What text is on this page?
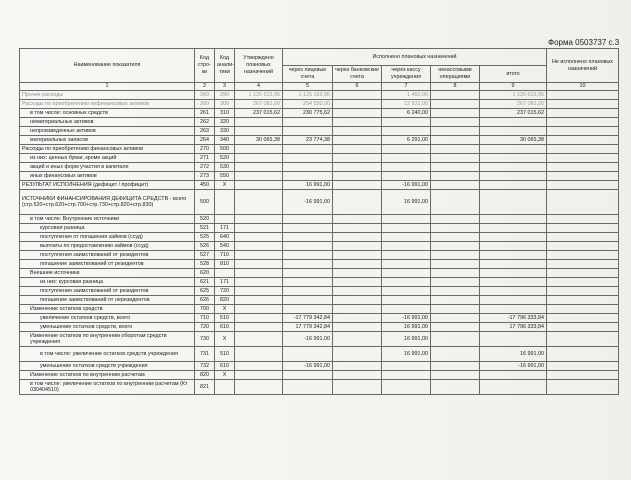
Форма 0503737 с.3
Наименование показателя	Код стро-ки	Код анали-тики	Утверждено плановых назначений	Исполнено плановых назначений					Не исполнено плановых назначений
				через лицевые счета	через банковские счета	через кассу учреждения	некассовыми операциями	итого	
1	2	3	4	5	6	7	8	9	10
Прочие расходы	260	290	1 126 623,95	1 125 163,95		1 460,00		1 126 623,95	
Расходы по приобретению нефинансовых активов	260	300	267 081,00	254 550,00		12 531,00		267 081,00	
в том числе: основных средств	261	310	237 015,62	230 775,62		6 240,00		237 015,62	
нематериальных активов	262	320							
непроизведенных активов	263	330							
материальных запасов	264	340	30 065,38	23 774,38		6 291,00		30 065,38	
Расходы по приобретению финансовых активов	270	500							
из них: ценных бумаг, кроме акций	271	520							
акций и иных форм участия в капитале	272	530							
иных финансовых активов	273	550							
РЕЗУЛЬТАТ ИСПОЛНЕНИЯ (дефицит / профицит)	450	X		16 991,00		-16 991,00			
ИСТОЧНИКИ ФИНАНСИРОВАНИЯ ДЕФИЦИТА СРЕДСТВ - всего (стр.520+стр.620+стр.700+стр.730+стр.820+стр.830)	500			-16 991,00		16 991,00			
в том числе: Внутренние источники	520								
курсовая разница	521	171							
поступления от погашения займов (ссуд)	525	640							
выплаты по предоставлению займов (ссуд)	526	540							
поступления заимствований от резидентов	527	710							
погашение заимствований от резидентов	528	810							
Внешние источники	620								
из них: курсовая разница	621	171							
поступления заимствований от резидентов	625	720							
погашение заимствований от нерезидентов	626	820							
Изменение остатков средств	700	X							
увеличение остатков средств, всего	710	510		-17 779 342,84		-16 991,00		-17 796 333,84	
уменьшение остатков средств, всего	720	610		17 779 342,84		16 991,00		17 796 333,84	
Изменение остатков по внутренним оборотам средств учреждения	730	X		-16 991,00		16 991,00			
в том числе: увеличение остатков средств учреждения	731	510				16 991,00		16 991,00	
уменьшение остатков средств учреждения	732	610		-16 991,00				-16 991,00	
Изменение остатков по внутренним расчетам	820	X							
в том числе: увеличение остатков по внутренним расчетам (Кт 030404510)	821								
